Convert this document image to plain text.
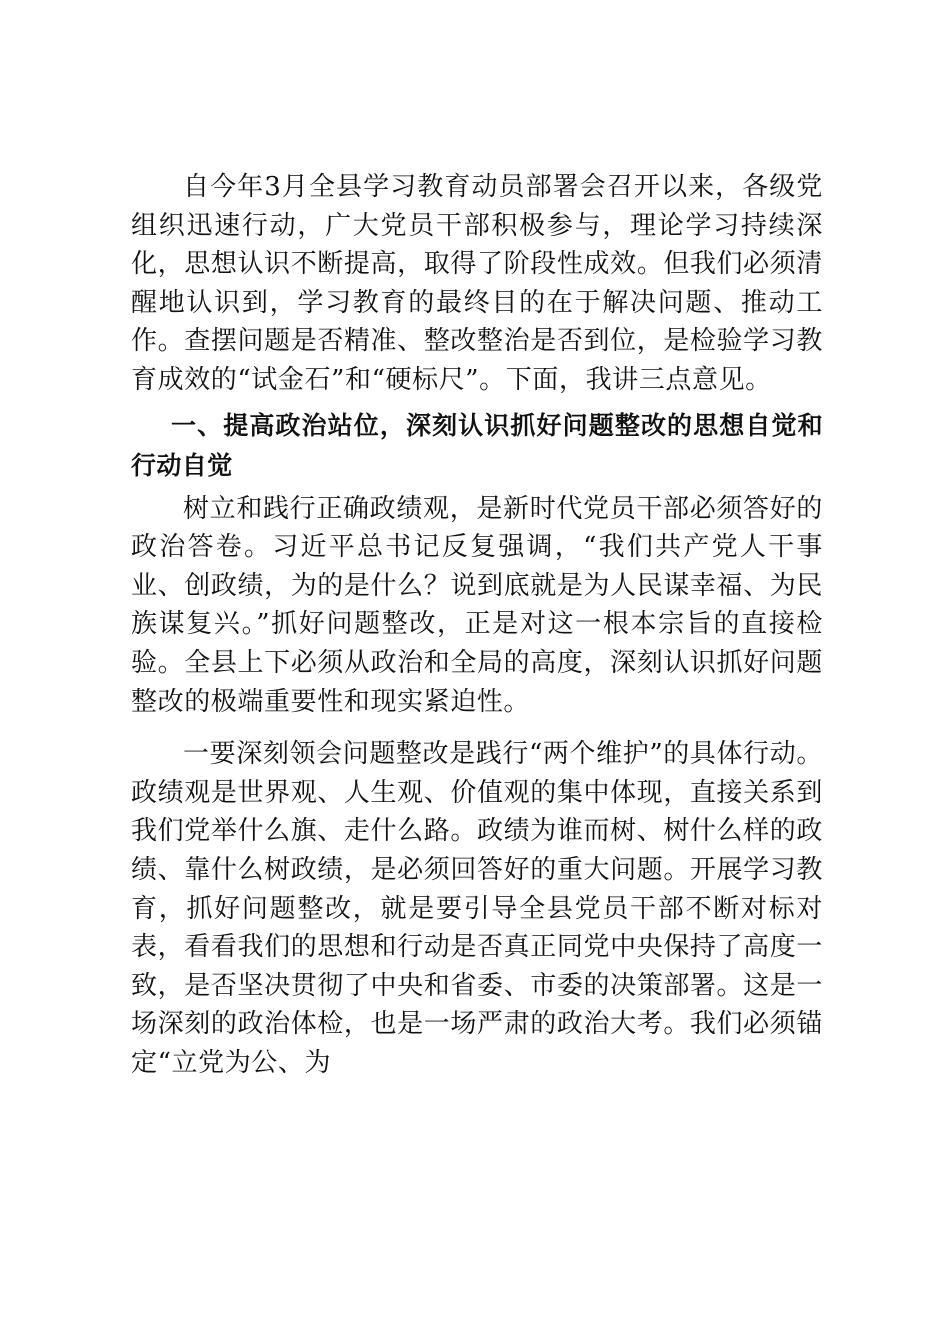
自今年3月全县学习教育动员部署会召开以来，各级党组织迅速行动，广大党员干部积极参与，理论学习持续深化，思想认识不断提高，取得了阶段性成效。但我们必须清醒地认识到，学习教育的最终目的在于解决问题、推动工作。查摆问题是否精准、整改整治是否到位，是检验学习教育成效的“试金石”和“硬标尺”。下面，我讲三点意见。

一、提高政治站位，深刻认识抓好问题整改的思想自觉和行动自觉

树立和践行正确政绩观，是新时代党员干部必须答好的政治答卷。习近平总书记反复强调，“我们共产党人干事业、创政绩，为的是什么？说到底就是为人民谋幸福、为民族谋复兴。”抓好问题整改，正是对这一根本宗旨的直接检验。全县上下必须从政治和全局的高度，深刻认识抓好问题整改的极端重要性和现实紧迫性。

一要深刻领会问题整改是践行“两个维护”的具体行动。政绩观是世界观、人生观、价值观的集中体现，直接关系到我们党举什么旗、走什么路。政绩为谁而树、树什么样的政绩、靠什么树政绩，是必须回答好的重大问题。开展学习教育，抓好问题整改，就是要引导全县党员干部不断对标对表，看看我们的思想和行动是否真正同党中央保持了高度一致，是否坚决贯彻了中央和省委、市委的决策部署。这是一场深刻的政治体检，也是一场严肃的政治大考。我们必须锚定“立党为公、为
